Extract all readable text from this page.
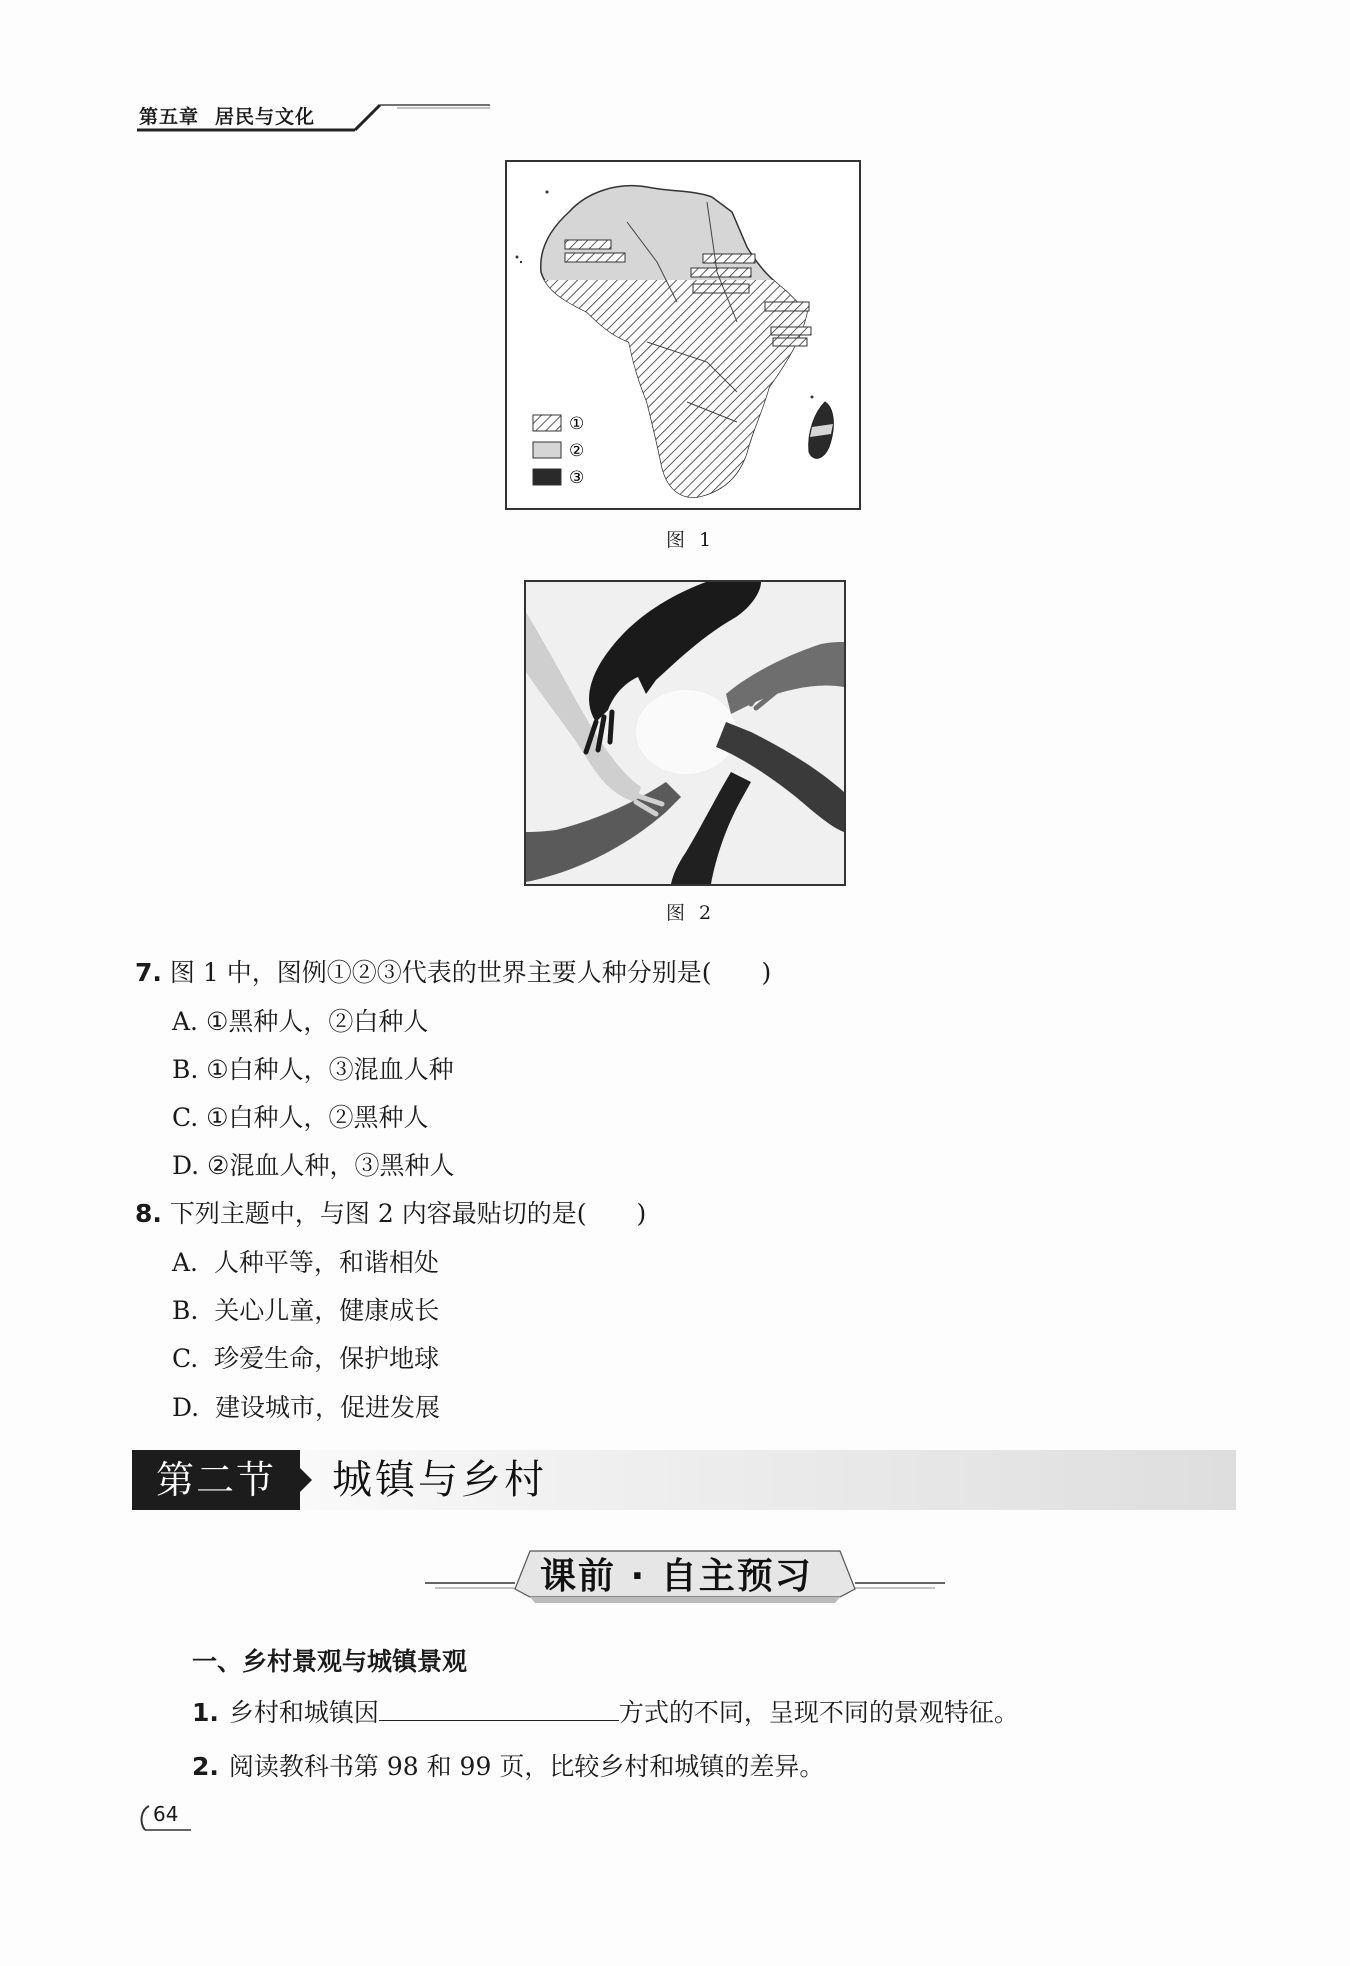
第五章 居民与文化
①
②
③
图 1
图 2
7. 图 1 中，图例①②③代表的世界主要人种分别是(　　)
A. ①黑种人，②白种人
B. ①白种人，③混血人种
C. ①白种人，②黑种人
D. ②混血人种，③黑种人
8. 下列主题中，与图 2 内容最贴切的是(　　)
A.  人种平等，和谐相处
B.  关心儿童，健康成长
C.  珍爱生命，保护地球
D.  建设城市，促进发展
第二节	城镇与乡村
课前 · 自主预习
一、乡村景观与城镇景观
1. 乡村和城镇因	方式的不同，呈现不同的景观特征。
2. 阅读教科书第 98 和 99 页，比较乡村和城镇的差异。
64
